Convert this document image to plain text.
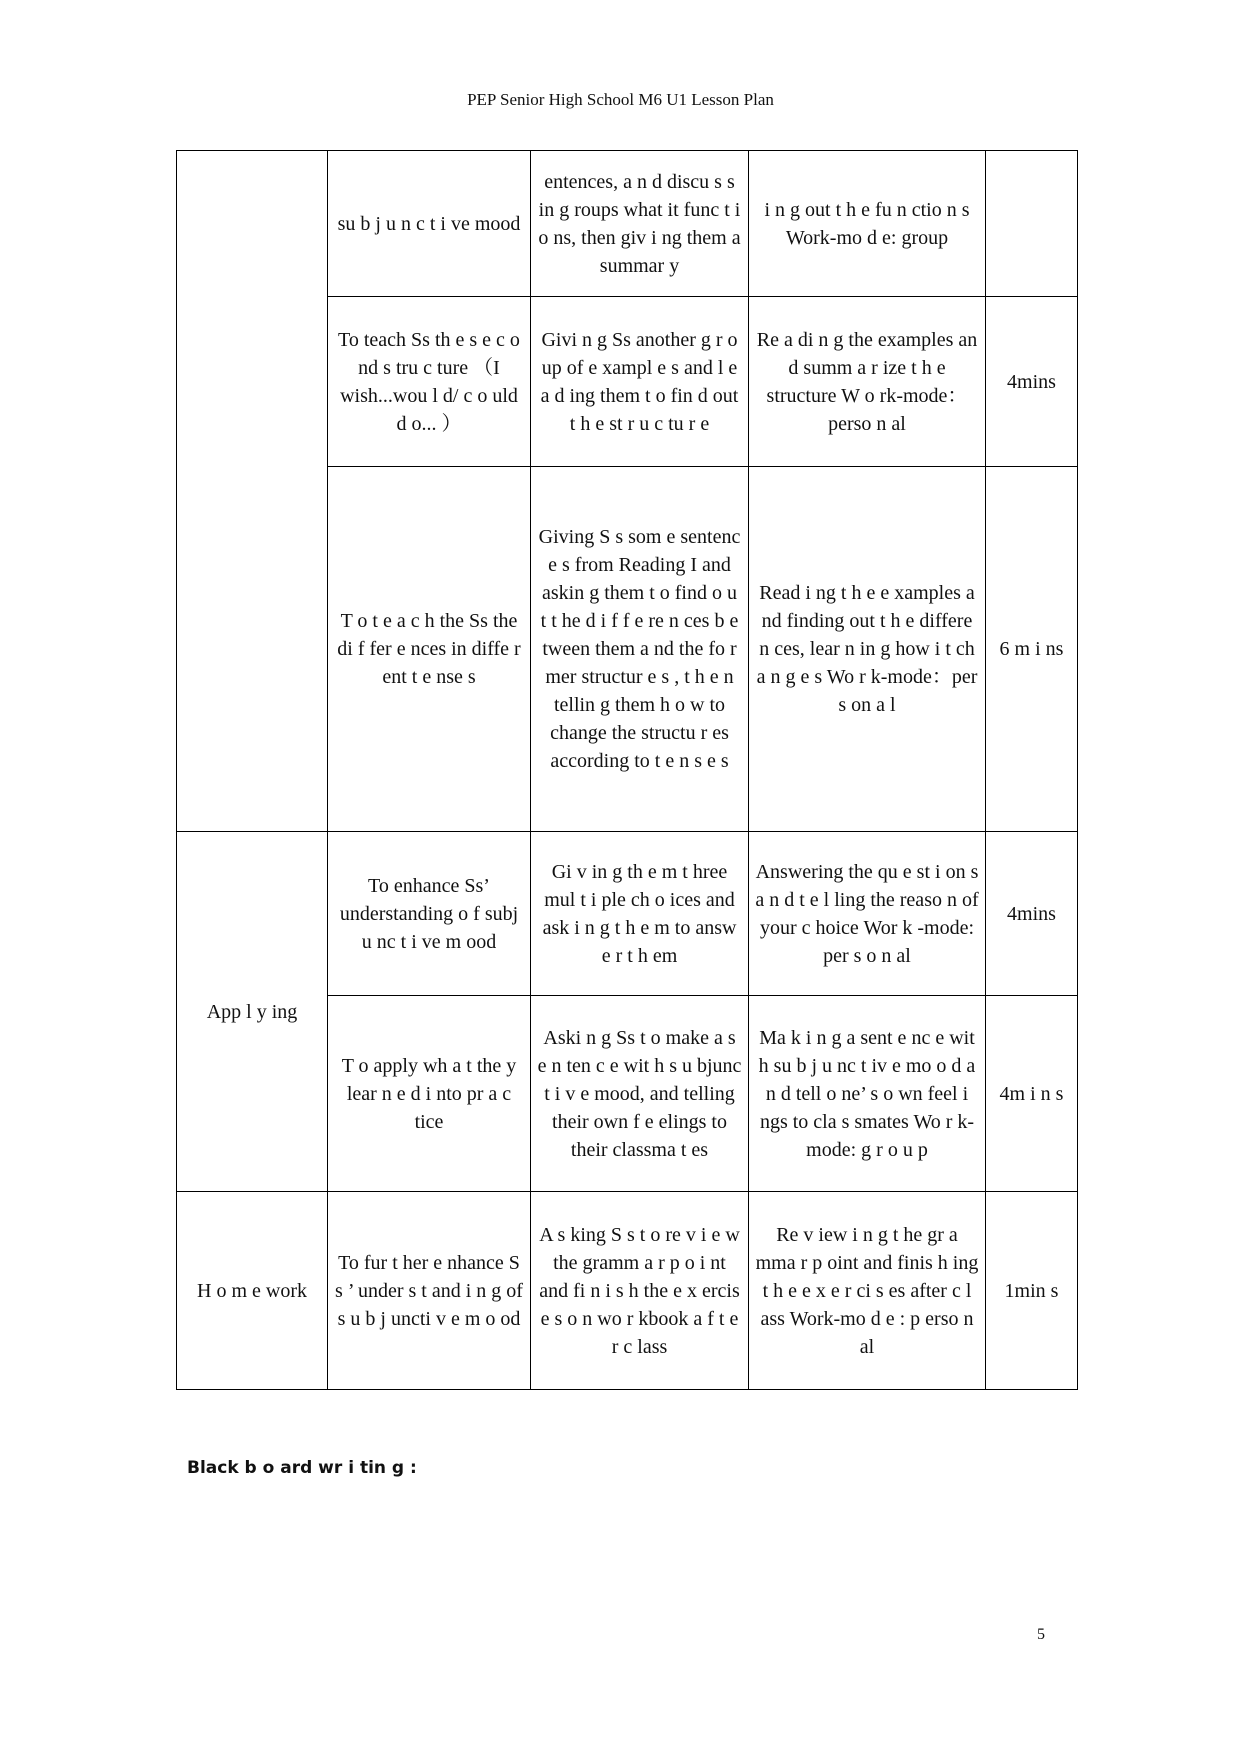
PEP Senior High School M6 U1 Lesson Plan
	su b j u n c t i ve mood	entences, a n d discu s s in g roups what it func t i o ns, then giv i ng them a summar y	i n g out t h e fu n ctio n s Work-mo d e: group	
	To teach Ss th e s e c o nd s tru c ture （I wish...wou l d/ c o uld d o... ）	Givi n g Ss another g r o up of e xampl e s and l e a d ing them t o fin d out t h e st r u c tu r e	Re a di n g the examples an d summ a r ize t h e structure W o rk-mode：perso n al	4mins
	T o t e a c h the Ss the di f fer e nces in diffe r ent t e nse s	Giving S s som e sentenc e s from Reading I and askin g them t o find o u t t he d i f f e re n ces b e tween them a nd the fo r mer structur e s , t h e n tellin g them h o w to change the structu r es according to t e n s e s	Read i ng t h e e xamples a nd finding out t h e differe n ces, lear n in g how i t ch a n g e s Wo r k-mode：per s on a l	6 m i ns
App l y ing	To enhance Ss’ understanding o f subj u nc t i ve m ood	Gi v in g th e m t hree mul t i ple ch o ices and ask i n g t h e m to answ e r t h em	Answering the qu e st i on s a n d t e l ling the reaso n of your c hoice Wor k -mode: per s o n al	4mins
	T o apply wh a t the y lear n e d i nto pr a c tice	Aski n g Ss t o make a s e n ten c e wit h s u bjunc t i v e mood, and telling their own f e elings to their classma t es	Ma k i n g a sent e nc e wit h su b j u nc t iv e mo o d a n d tell o ne’ s o wn feel i ngs to cla s smates Wo r k-mode: g r o u p	4m i n s
H o m e work	To fur t her e nhance S s ’ under s t and i n g of s u b j uncti v e m o od	A s king S s t o re v i e w the gramm a r p o i nt and fi n i s h the e x ercis e s o n wo r kbook a f t e r c lass	Re v iew i n g t he gr a mma r p oint and finis h ing t h e e x e r ci s es after c l ass Work-mo d e : p erso n al	1min s
Black b o ard wr i tin g :
5
